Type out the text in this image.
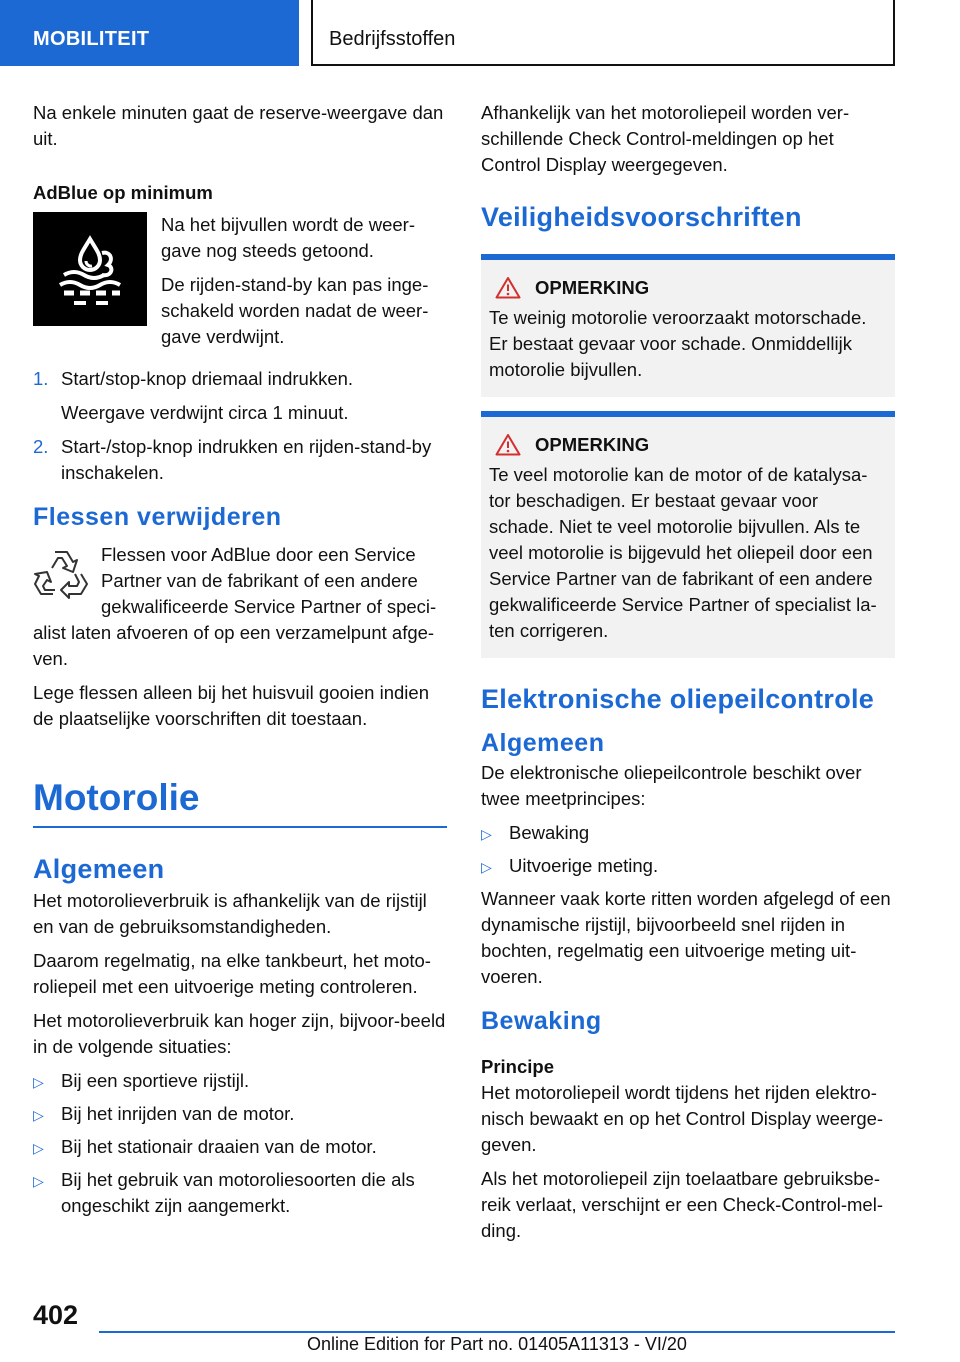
MOBILITEIT	Bedrijfsstoffen

Na enkele minuten gaat de reserve-weergave dan uit.

AdBlue op minimum

Na het bijvullen wordt de weer-gave nog steeds getoond.

De rijden-stand-by kan pas inge-schakeld worden nadat de weer-gave verdwijnt.

1. Start/stop-knop driemaal indrukken.
Weergave verdwijnt circa 1 minuut.
2. Start-/stop-knop indrukken en rijden-stand-by inschakelen.
Flessen verwijderen

Flessen voor AdBlue door een Service Partner van de fabrikant of een andere gekwalificeerde Service Partner of speci-alist laten afvoeren of op een verzamelpunt afge-ven.

Lege flessen alleen bij het huisvuil gooien indien de plaatselijke voorschriften dit toestaan.

Motorolie
Algemeen

Het motorolieverbruik is afhankelijk van de rijstijl en van de gebruiksomstandigheden.

Daarom regelmatig, na elke tankbeurt, het moto-roliepeil met een uitvoerige meting controleren.

Het motorolieverbruik kan hoger zijn, bijvoor-beeld in de volgende situaties:

▷ Bij een sportieve rijstijl.
▷ Bij het inrijden van de motor.
▷ Bij het stationair draaien van de motor.
▷ Bij het gebruik van motoroliesoorten die als ongeschikt zijn aangemerkt.

Afhankelijk van het motoroliepeil worden ver-schillende Check Control-meldingen op het Control Display weergegeven.

Veiligheidsvoorschriften
OPMERKING

Te weinig motorolie veroorzaakt motorschade. Er bestaat gevaar voor schade. Onmiddellijk motorolie bijvullen.

OPMERKING

Te veel motorolie kan de motor of de katalysa-tor beschadigen. Er bestaat gevaar voor schade. Niet te veel motorolie bijvullen. Als te veel motorolie is bijgevuld het oliepeil door een Service Partner van de fabrikant of een andere gekwalificeerde Service Partner of specialist la-ten corrigeren.

Elektronische oliepeilcontrole
Algemeen

De elektronische oliepeilcontrole beschikt over twee meetprincipes:

▷ Bewaking
▷ Uitvoerige meting.

Wanneer vaak korte ritten worden afgelegd of een dynamische rijstijl, bijvoorbeeld snel rijden in bochten, regelmatig een uitvoerige meting uit-voeren.

Bewaking
Principe

Het motoroliepeil wordt tijdens het rijden elektro-nisch bewaakt en op het Control Display weerge-geven.

Als het motoroliepeil zijn toelaatbare gebruiksbe-reik verlaat, verschijnt er een Check-Control-mel-ding.

402
Online Edition for Part no. 01405A11313 - VI/20
